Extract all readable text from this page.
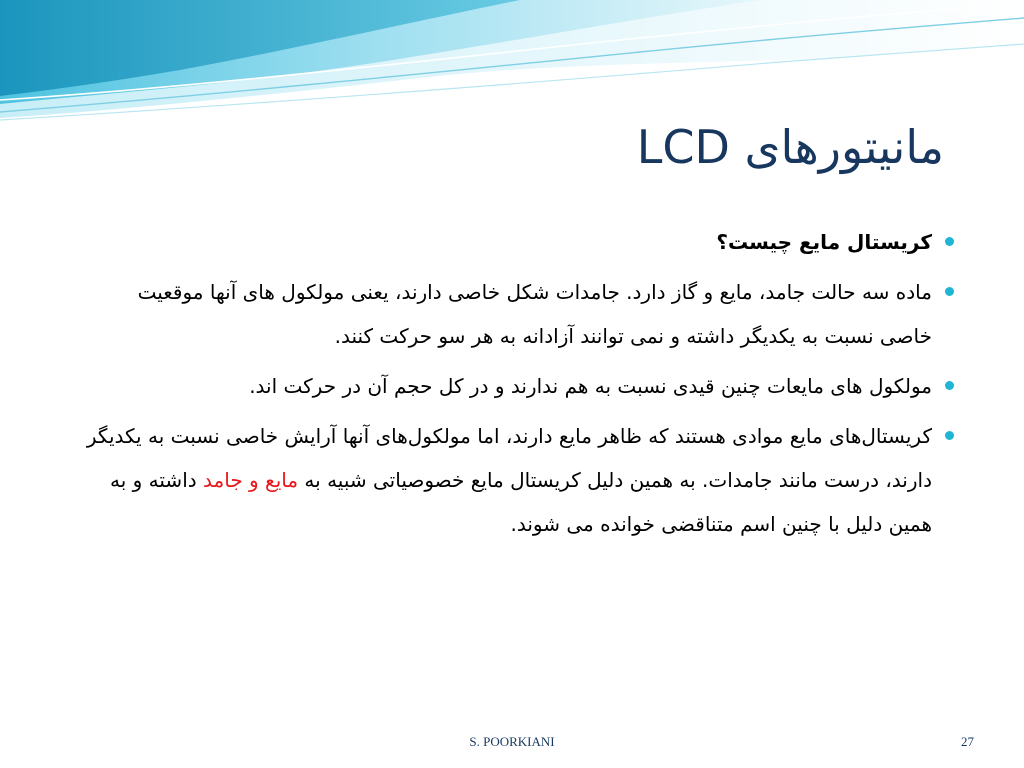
مانیتورهای LCD
کریستال مایع چیست؟
ماده سه حالت جامد، مایع و گاز دارد. جامدات شکل خاصی دارند، یعنی مولکول های آنها موقعیت خاصی نسبت به یکدیگر داشته و نمی توانند آزادانه به هر سو حرکت کنند.
مولکول های مایعات چنین قیدی نسبت به هم ندارند و در کل حجم آن در حرکت اند.
کریستال‌های مایع موادی هستند که ظاهر مایع دارند، اما مولکول‌های آنها آرایش خاصی نسبت به یکدیگر دارند، درست مانند جامدات. به همین دلیل کریستال مایع خصوصیاتی شبیه به مایع و جامد داشته و به همین دلیل با چنین اسم متناقضی خوانده می شوند.
S. POORKIANI	27
